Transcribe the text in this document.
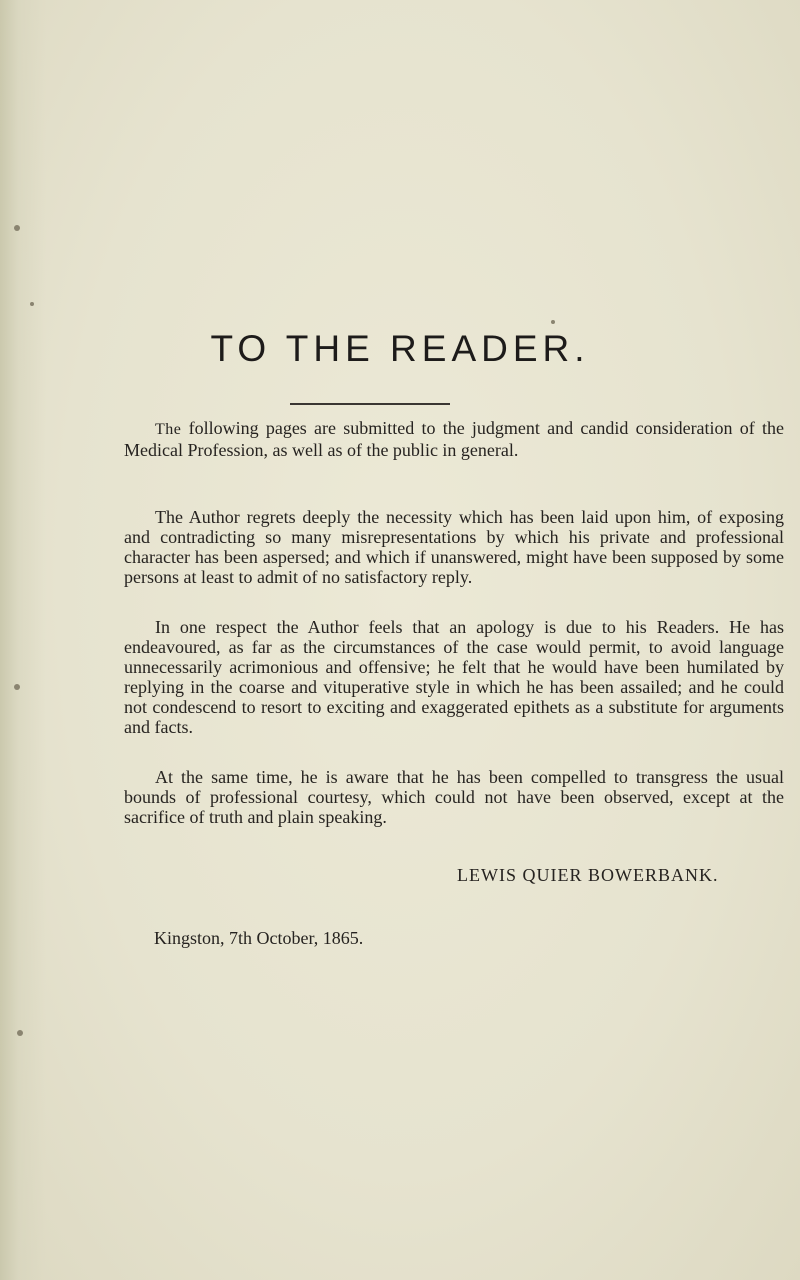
TO THE READER.

The following pages are submitted to the judgment and candid consideration of the Medical Profession, as well as of the public in general.

The Author regrets deeply the necessity which has been laid upon him, of exposing and contradicting so many misrepresentations by which his private and professional character has been aspersed; and which if unanswered, might have been supposed by some persons at least to admit of no satisfactory reply.

In one respect the Author feels that an apology is due to his Readers. He has endeavoured, as far as the circumstances of the case would permit, to avoid language unnecessarily acrimonious and offensive; he felt that he would have been humilated by replying in the coarse and vituperative style in which he has been assailed; and he could not condescend to resort to exciting and exaggerated epithets as a substitute for arguments and facts.

At the same time, he is aware that he has been compelled to transgress the usual bounds of professional courtesy, which could not have been observed, except at the sacrifice of truth and plain speaking.

LEWIS QUIER BOWERBANK.
Kingston, 7th October, 1865.
